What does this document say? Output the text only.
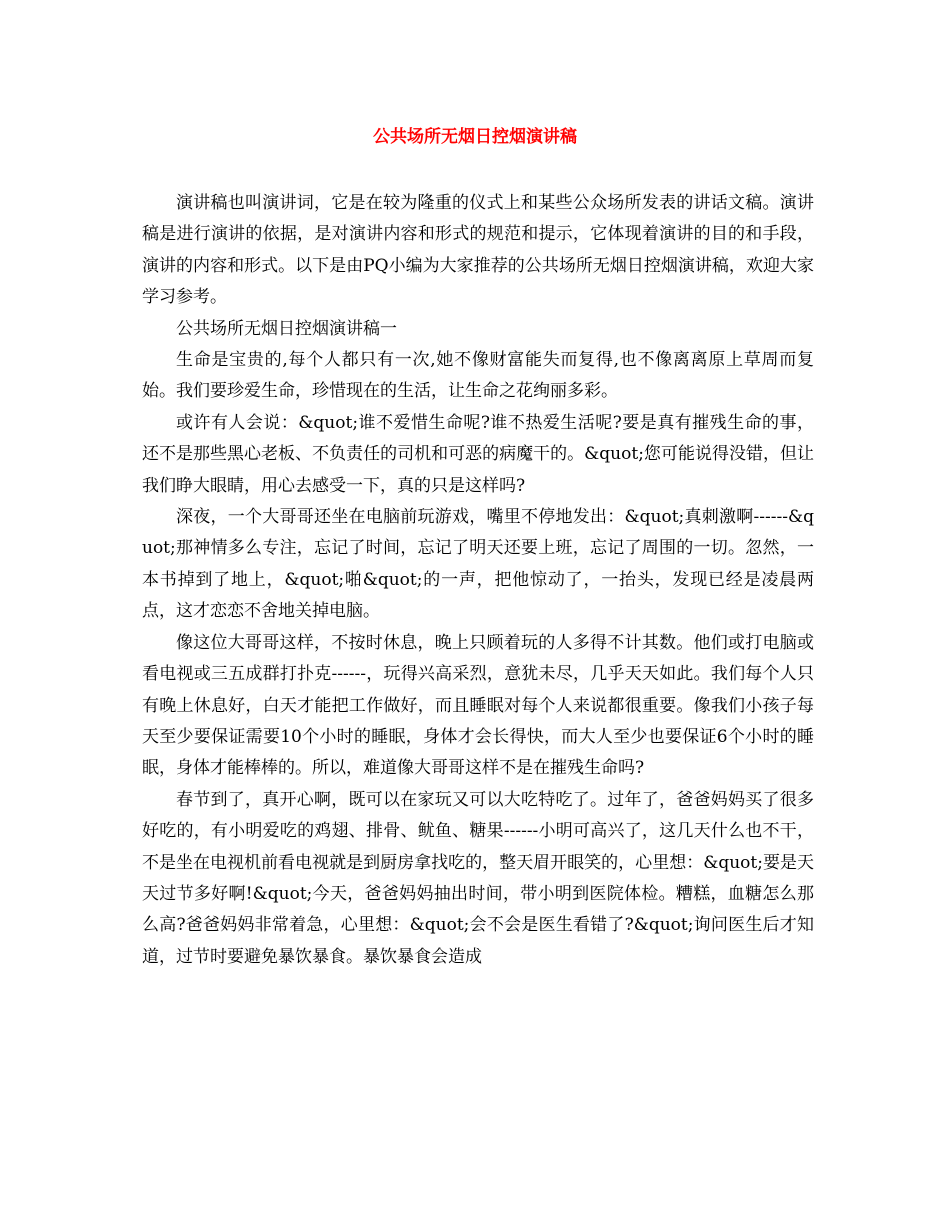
公共场所无烟日控烟演讲稿

演讲稿也叫演讲词，它是在较为隆重的仪式上和某些公众场所发表的讲话文稿。演讲稿是进行演讲的依据，是对演讲内容和形式的规范和提示，它体现着演讲的目的和手段，演讲的内容和形式。以下是由PQ小编为大家推荐的公共场所无烟日控烟演讲稿，欢迎大家学习参考。

公共场所无烟日控烟演讲稿一

生命是宝贵的,每个人都只有一次,她不像财富能失而复得,也不像离离原上草周而复始。我们要珍爱生命，珍惜现在的生活，让生命之花绚丽多彩。

或许有人会说：&quot;谁不爱惜生命呢?谁不热爱生活呢?要是真有摧残生命的事，还不是那些黑心老板、不负责任的司机和可恶的病魔干的。&quot;您可能说得没错，但让我们睁大眼睛，用心去感受一下，真的只是这样吗?

深夜，一个大哥哥还坐在电脑前玩游戏，嘴里不停地发出：&quot;真刺激啊------&quot;那神情多么专注，忘记了时间，忘记了明天还要上班，忘记了周围的一切。忽然，一本书掉到了地上，&quot;啪&quot;的一声，把他惊动了，一抬头，发现已经是凌晨两点，这才恋恋不舍地关掉电脑。

像这位大哥哥这样，不按时休息，晚上只顾着玩的人多得不计其数。他们或打电脑或看电视或三五成群打扑克------，玩得兴高采烈，意犹未尽，几乎天天如此。我们每个人只有晚上休息好，白天才能把工作做好，而且睡眠对每个人来说都很重要。像我们小孩子每天至少要保证需要10个小时的睡眠，身体才会长得快，而大人至少也要保证6个小时的睡眠，身体才能棒棒的。所以，难道像大哥哥这样不是在摧残生命吗?

春节到了，真开心啊，既可以在家玩又可以大吃特吃了。过年了，爸爸妈妈买了很多好吃的，有小明爱吃的鸡翅、排骨、鱿鱼、糖果------小明可高兴了，这几天什么也不干，不是坐在电视机前看电视就是到厨房拿找吃的，整天眉开眼笑的，心里想：&quot;要是天天过节多好啊!&quot;今天，爸爸妈妈抽出时间，带小明到医院体检。糟糕，血糖怎么那么高?爸爸妈妈非常着急，心里想：&quot;会不会是医生看错了?&quot;询问医生后才知道，过节时要避免暴饮暴食。暴饮暴食会造成
